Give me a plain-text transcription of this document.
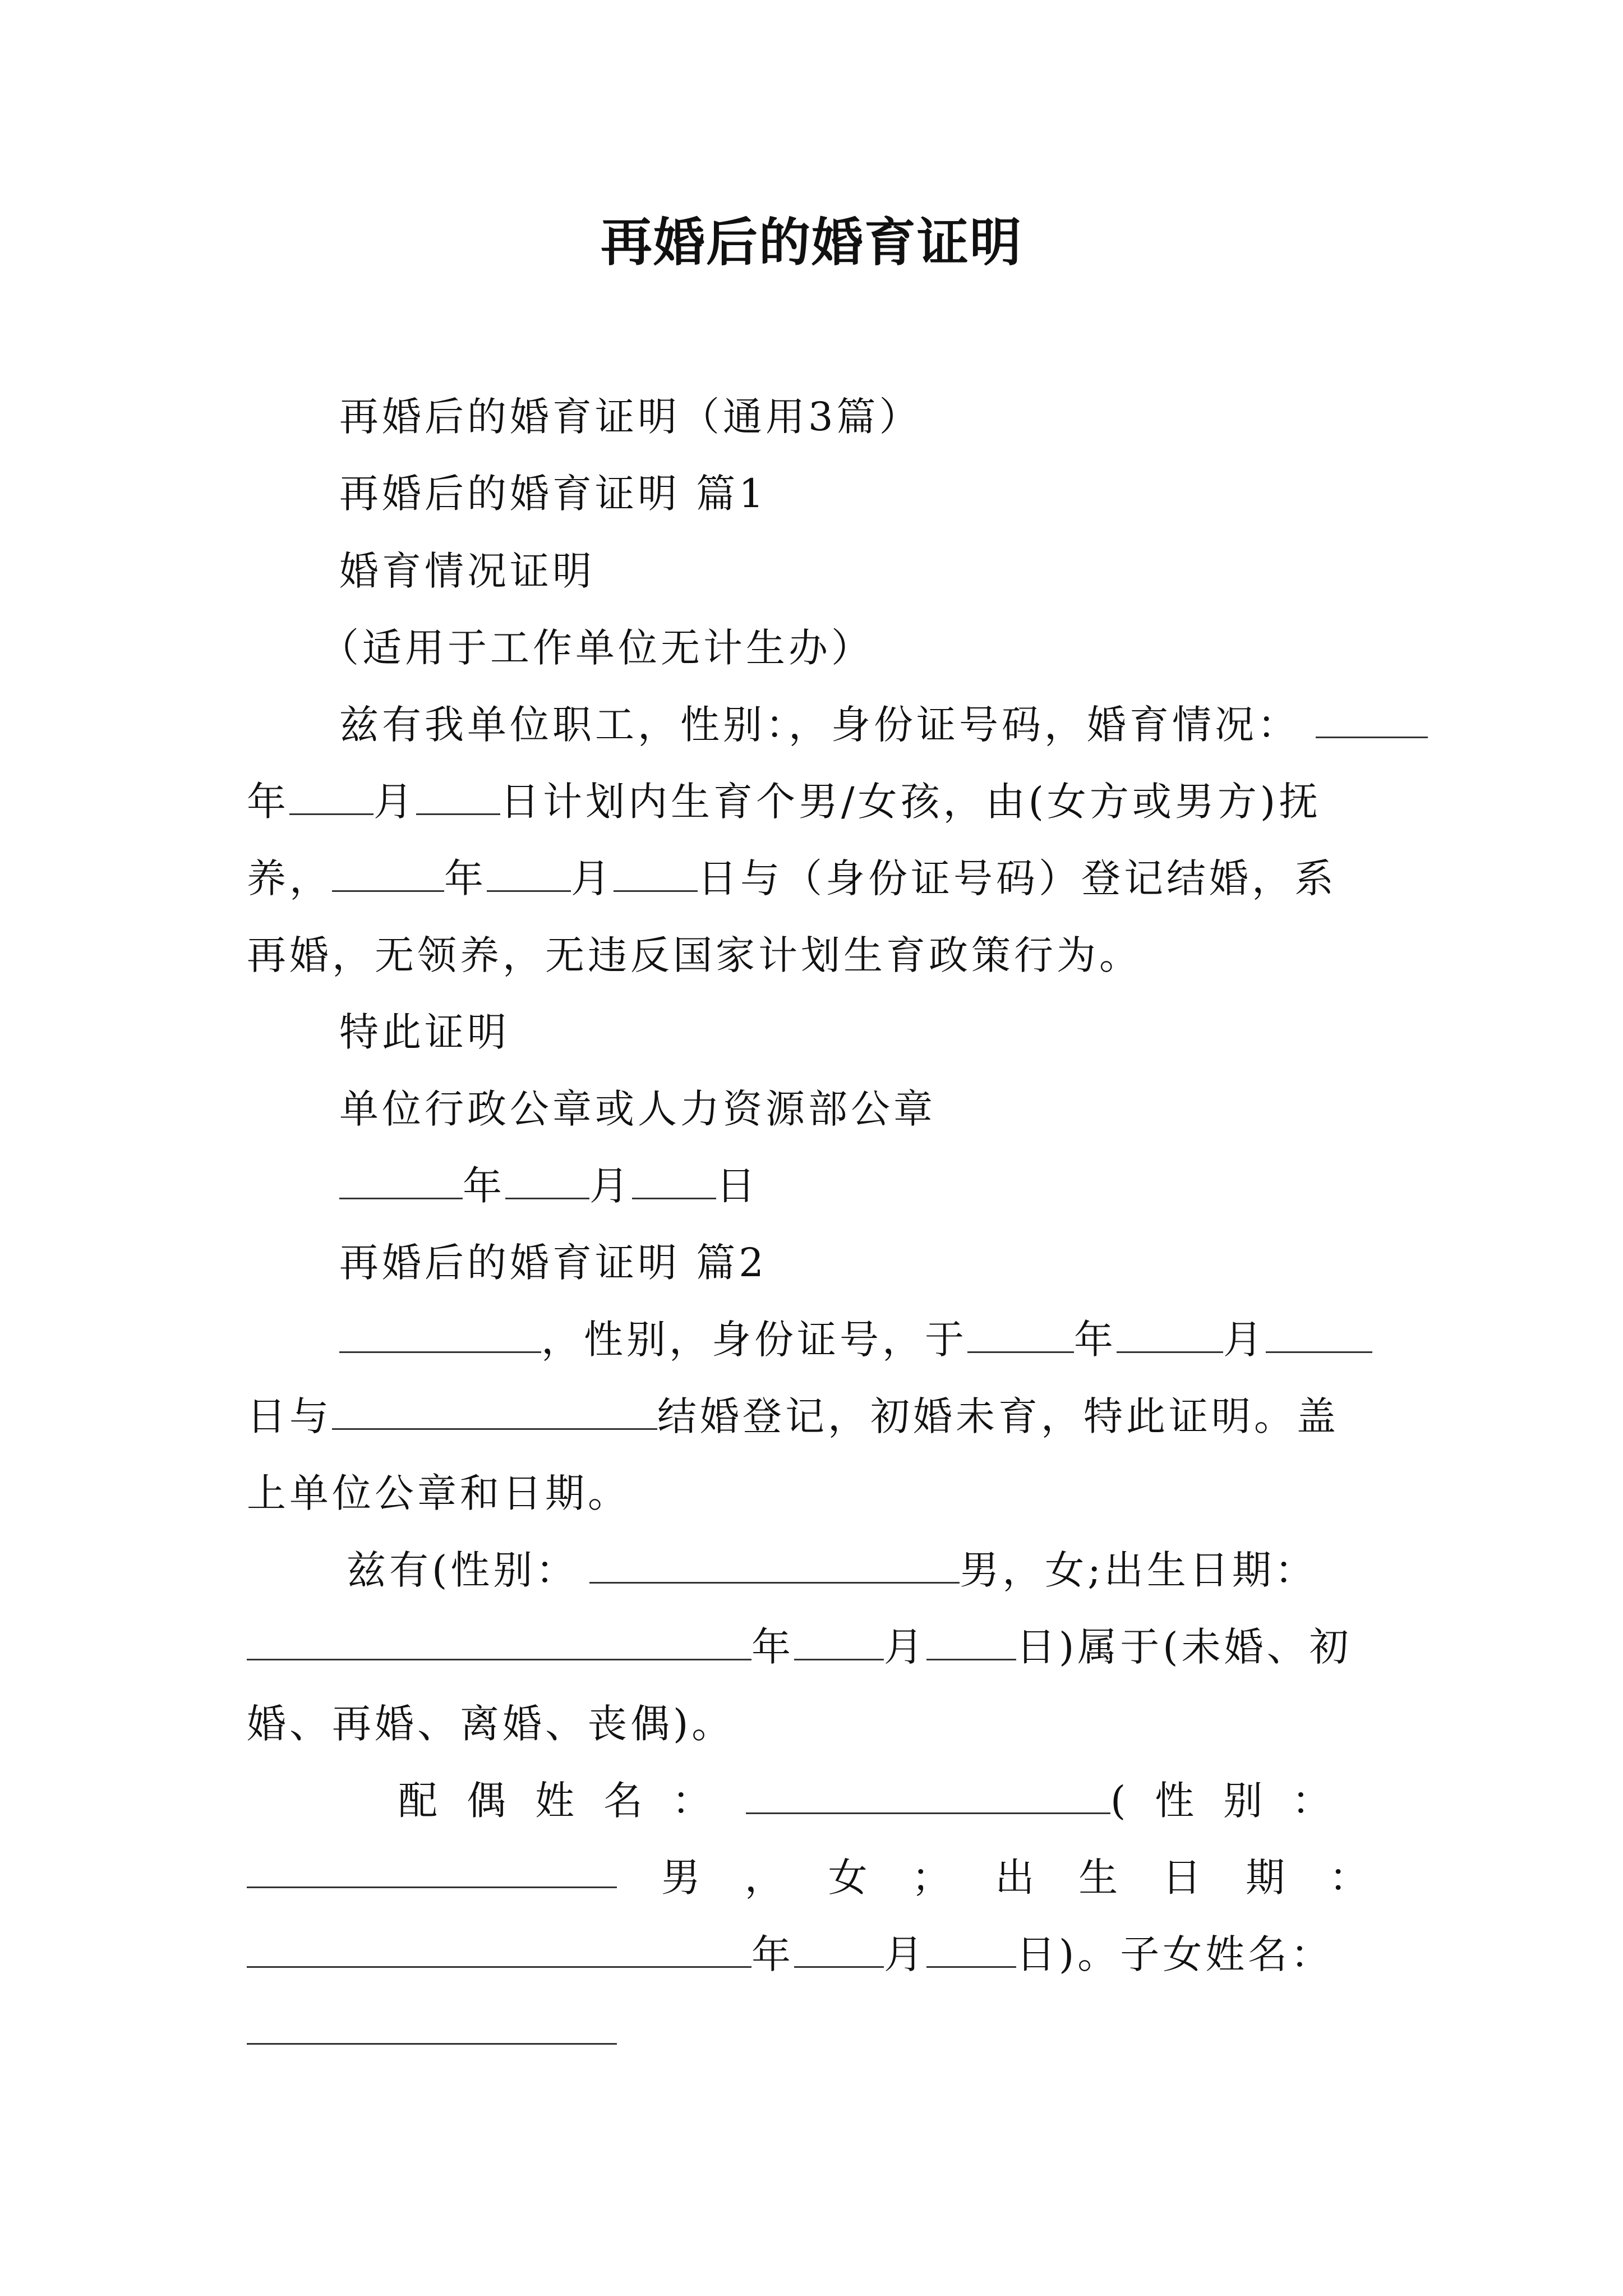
再婚后的婚育证明
再婚后的婚育证明（通用3篇）
再婚后的婚育证明 篇1
婚育情况证明
（适用于工作单位无计生办）
兹有我单位职工，性别：，身份证号码，婚育情况：
年 月 日计划内生育个男/女孩，由(女方或男方)抚
养，	年 月 日与（身份证号码）登记结婚，系
再婚，无领养，无违反国家计划生育政策行为。
特此证明
单位行政公章或人力资源部公章
年 月 日
再婚后的婚育证明 篇2
，性别，身份证号，于	年	月
日与	结婚登记，初婚未育，特此证明。盖
上单位公章和日期。
兹有(性别：	男，女;出生日期：
年 月 日)属于(未婚、初
婚、再婚、离婚、丧偶)。
配偶姓名：	(性别：
男 ， 女 ； 出 生 日 期 ：
年 月 日)。子女姓名：
